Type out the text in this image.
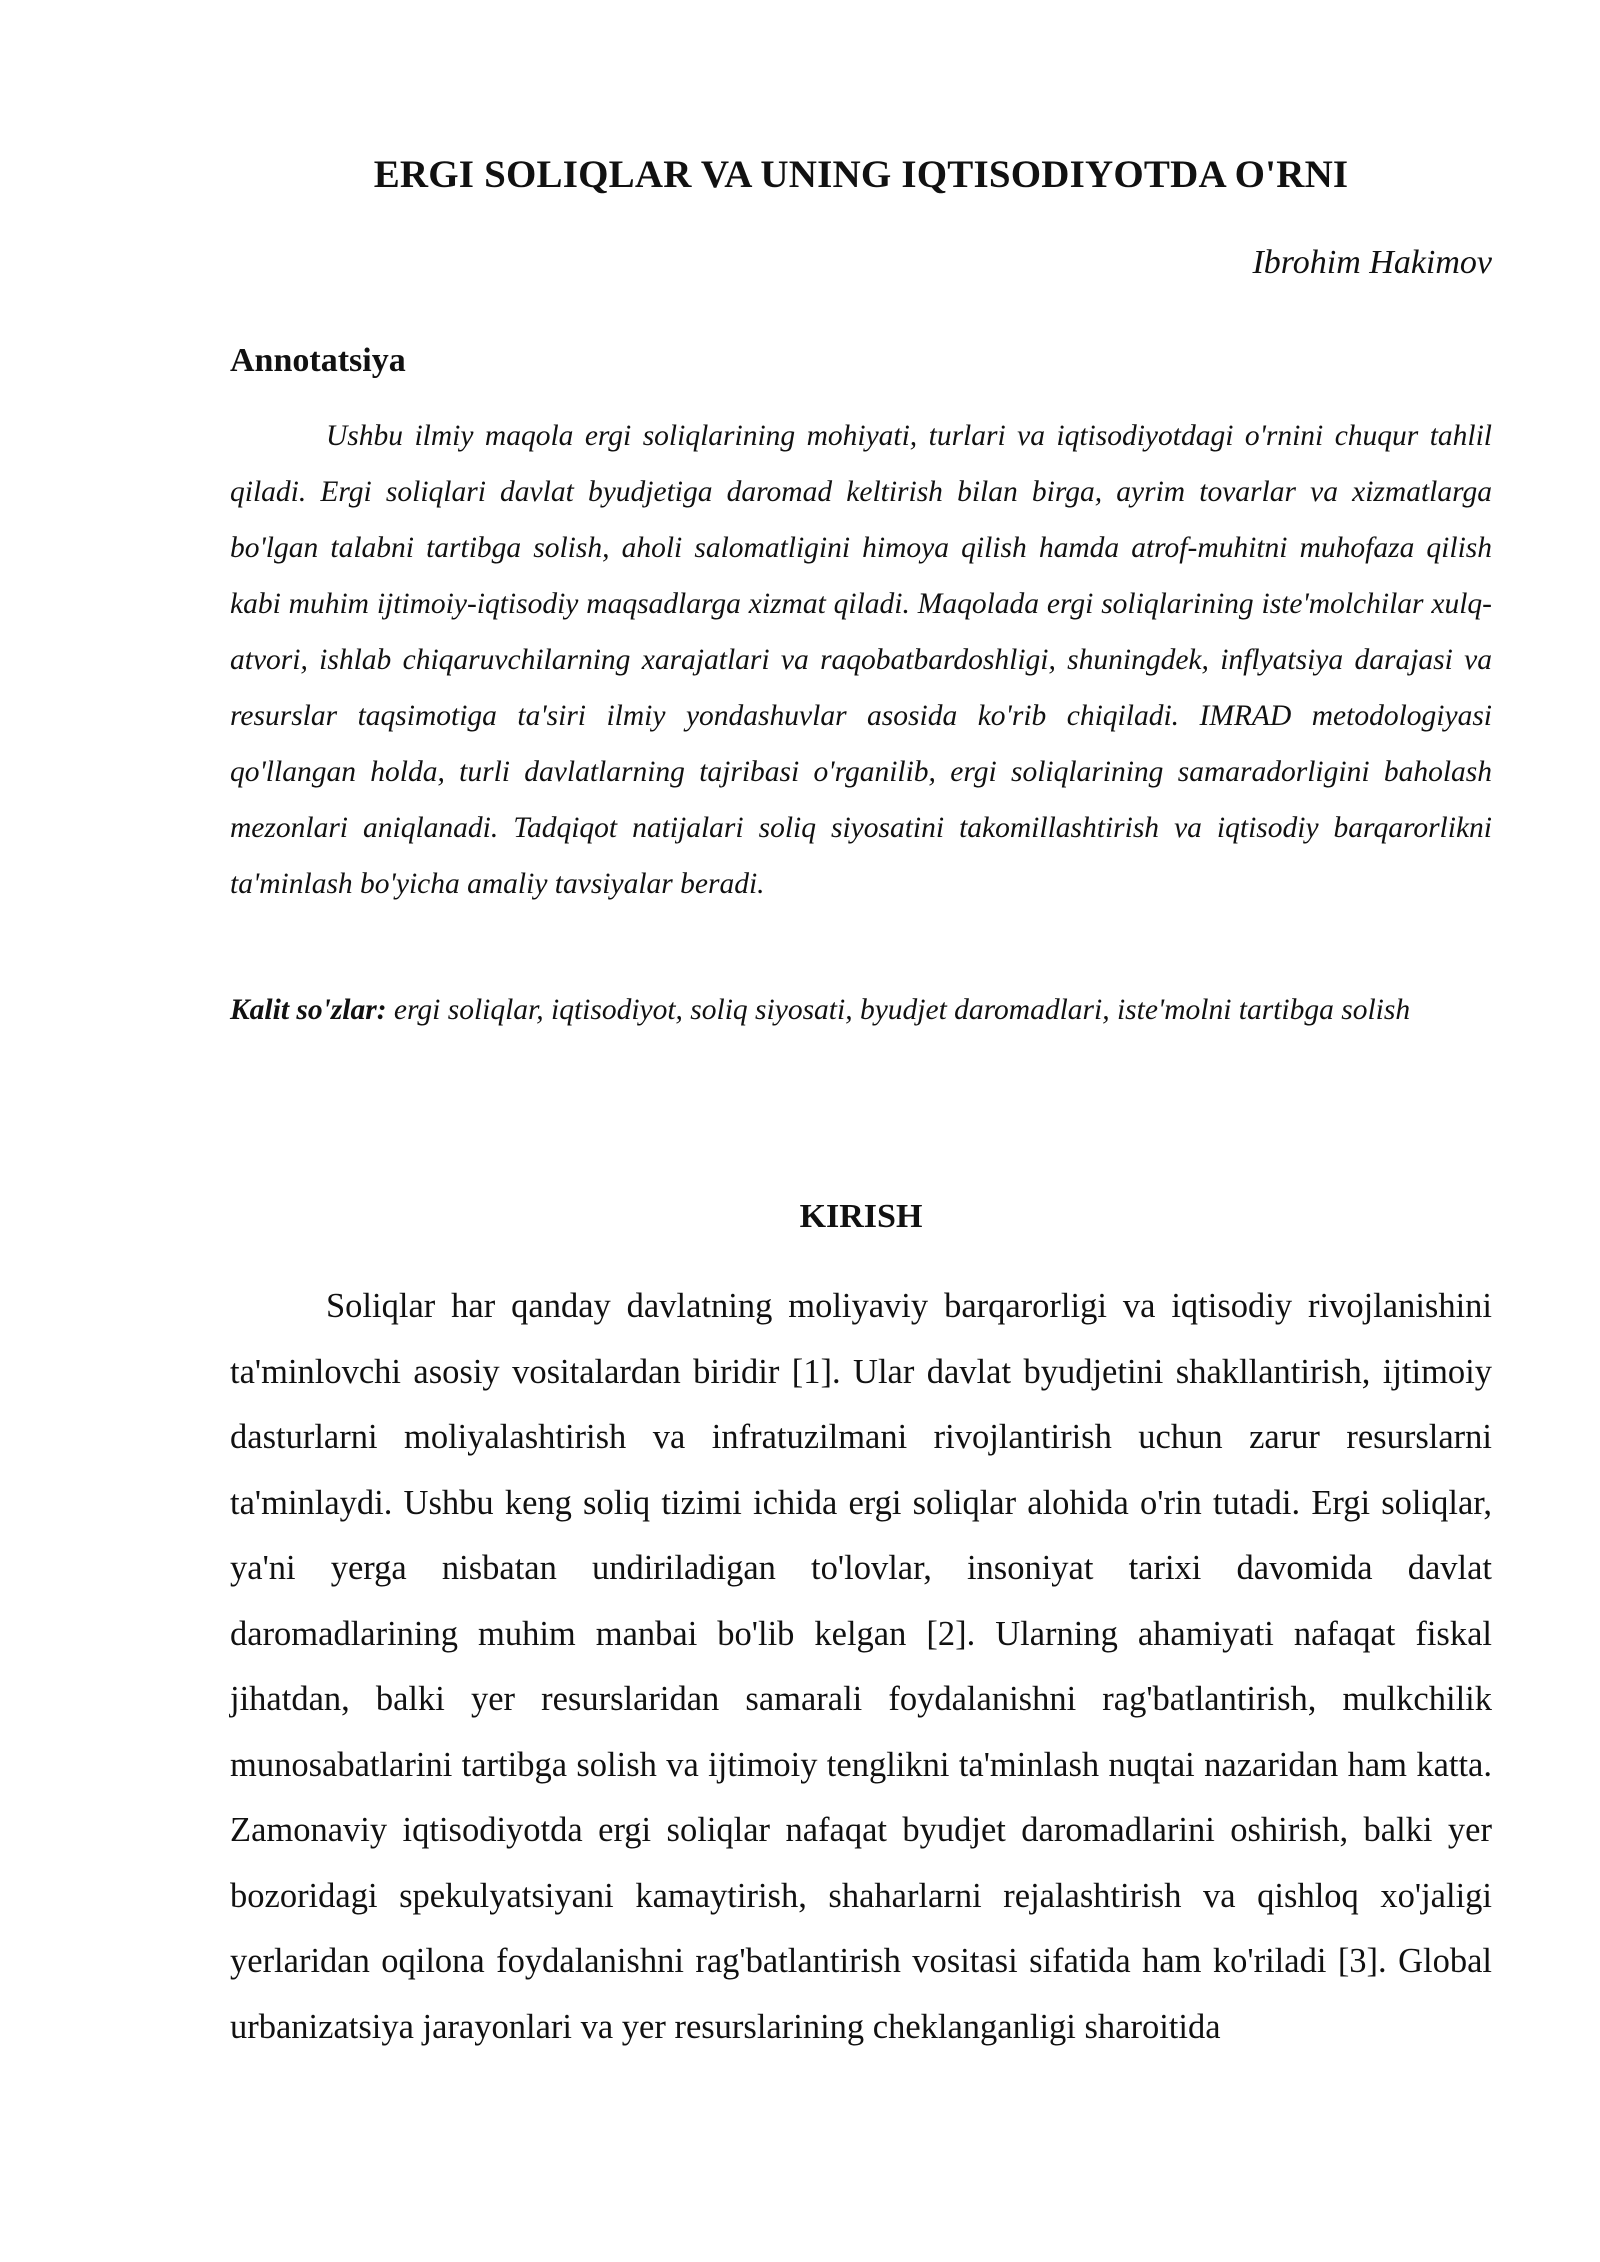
ERGI SOLIQLAR VA UNING IQTISODIYOTDA O'RNI

Ibrohim Hakimov

Annotatsiya

Ushbu ilmiy maqola ergi soliqlarining mohiyati, turlari va iqtisodiyotdagi o'rnini chuqur tahlil qiladi. Ergi soliqlari davlat byudjetiga daromad keltirish bilan birga, ayrim tovarlar va xizmatlarga bo'lgan talabni tartibga solish, aholi salomatligini himoya qilish hamda atrof-muhitni muhofaza qilish kabi muhim ijtimoiy-iqtisodiy maqsadlarga xizmat qiladi. Maqolada ergi soliqlarining iste'molchilar xulq-atvori, ishlab chiqaruvchilarning xarajatlari va raqobatbardoshligi, shuningdek, inflyatsiya darajasi va resurslar taqsimotiga ta'siri ilmiy yondashuvlar asosida ko'rib chiqiladi. IMRAD metodologiyasi qo'llangan holda, turli davlatlarning tajribasi o'rganilib, ergi soliqlarining samaradorligini baholash mezonlari aniqlanadi. Tadqiqot natijalari soliq siyosatini takomillashtirish va iqtisodiy barqarorlikni ta'minlash bo'yicha amaliy tavsiyalar beradi.

Kalit so'zlar: ergi soliqlar, iqtisodiyot, soliq siyosati, byudjet daromadlari, iste'molni tartibga solish

KIRISH

Soliqlar har qanday davlatning moliyaviy barqarorligi va iqtisodiy rivojlanishini ta'minlovchi asosiy vositalardan biridir [1]. Ular davlat byudjetini shakllantirish, ijtimoiy dasturlarni moliyalashtirish va infratuzilmani rivojlantirish uchun zarur resurslarni ta'minlaydi. Ushbu keng soliq tizimi ichida ergi soliqlar alohida o'rin tutadi. Ergi soliqlar, ya'ni yerga nisbatan undiriladigan to'lovlar, insoniyat tarixi davomida davlat daromadlarining muhim manbai bo'lib kelgan [2]. Ularning ahamiyati nafaqat fiskal jihatdan, balki yer resurslaridan samarali foydalanishni rag'batlantirish, mulkchilik munosabatlarini tartibga solish va ijtimoiy tenglikni ta'minlash nuqtai nazaridan ham katta. Zamonaviy iqtisodiyotda ergi soliqlar nafaqat byudjet daromadlarini oshirish, balki yer bozoridagi spekulyatsiyani kamaytirish, shaharlarni rejalashtirish va qishloq xo'jaligi yerlaridan oqilona foydalanishni rag'batlantirish vositasi sifatida ham ko'riladi [3]. Global urbanizatsiya jarayonlari va yer resurslarining cheklanganligi sharoitida
